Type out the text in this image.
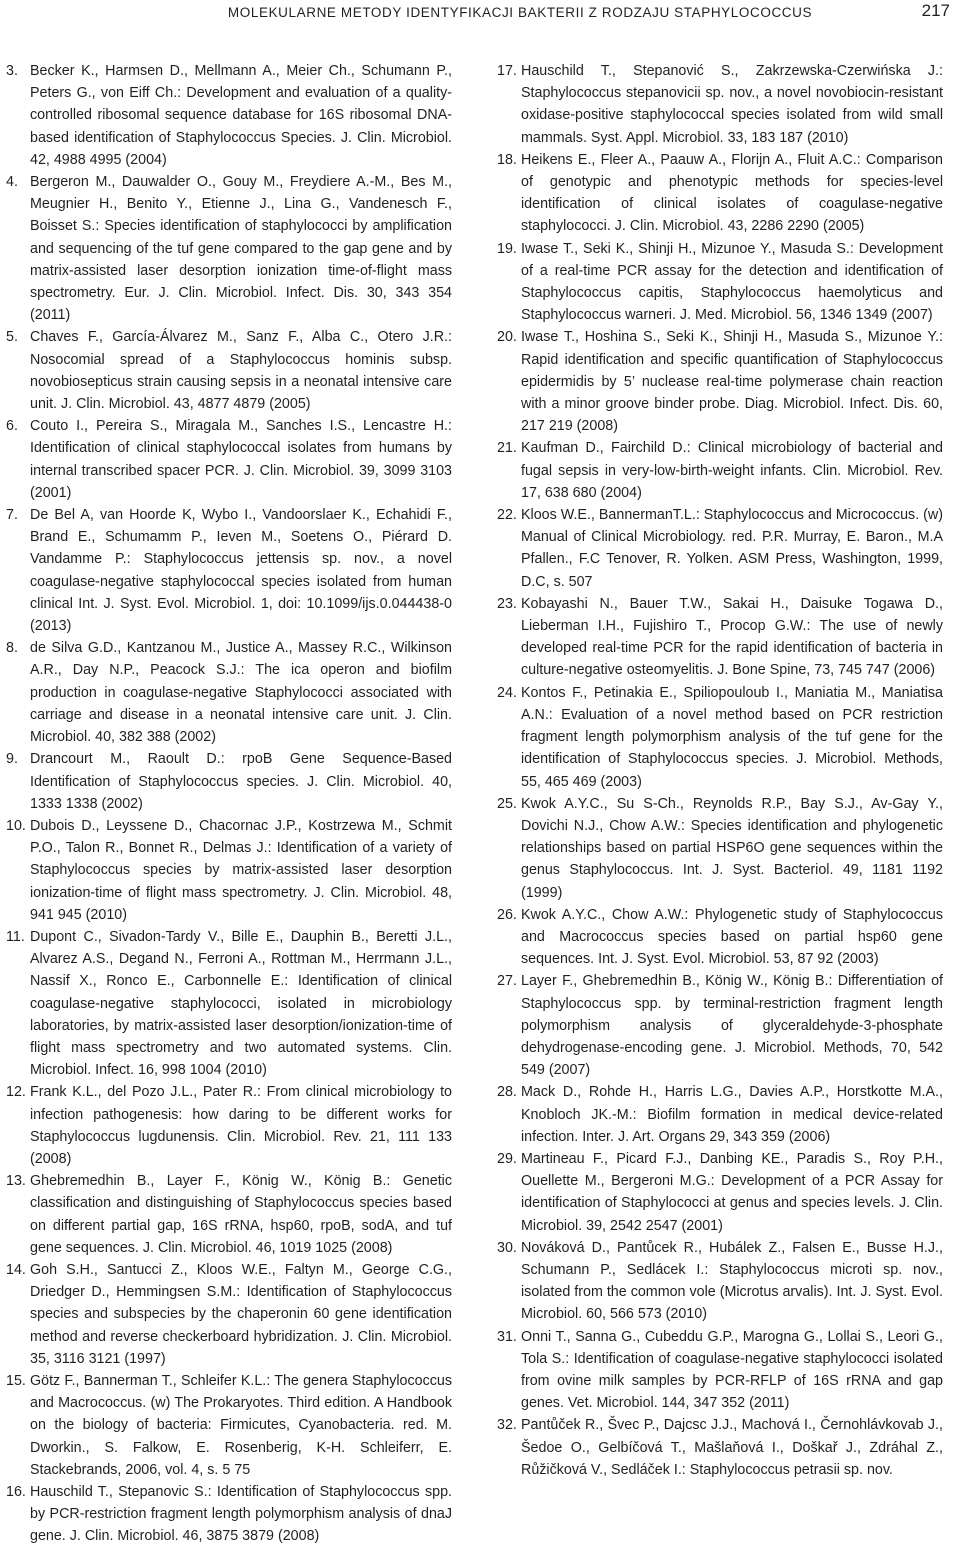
MOLEKULARNE METODY IDENTYFIKACJI BAKTERII Z RODZAJU STAPHYLOCOCCUS	217
3. Becker K., Harmsen D., Mellmann A., Meier Ch., Schumann P., Peters G., von Eiff Ch.: Development and evaluation of a quality-controlled ribosomal sequence database for 16S ribosomal DNA-based identification of Staphylococcus Species. J. Clin. Microbiol. 42, 4988 4995 (2004)
4. Bergeron M., Dauwalder O., Gouy M., Freydiere A.-M., Bes M., Meugnier H., Benito Y., Etienne J., Lina G., Vandenesch F., Boisset S.: Species identification of staphylococci by amplification and sequencing of the tuf gene compared to the gap gene and by matrix-assisted laser desorption ionization time-of-flight mass spectrometry. Eur. J. Clin. Microbiol. Infect. Dis. 30, 343 354 (2011)
5. Chaves F., García-Álvarez M., Sanz F., Alba C., Otero J.R.: Nosocomial spread of a Staphylococcus hominis subsp. novobiosepticus strain causing sepsis in a neonatal intensive care unit. J. Clin. Microbiol. 43, 4877 4879 (2005)
6. Couto I., Pereira S., Miragala M., Sanches I.S., Lencastre H.: Identification of clinical staphylococcal isolates from humans by internal transcribed spacer PCR. J. Clin. Microbiol. 39, 3099 3103 (2001)
7. De Bel A, van Hoorde K, Wybo I., Vandoorslaer K., Echahidi F., Brand E., Schumamm P., Ieven M., Soetens O., Piérard D. Vandamme P.: Staphylococcus jettensis sp. nov., a novel coagulase-negative staphylococcal species isolated from human clinical Int. J. Syst. Evol. Microbiol. 1, doi: 10.1099/ijs.0.044438-0 (2013)
8. de Silva G.D., Kantzanou M., Justice A., Massey R.C., Wilkinson A.R., Day N.P., Peacock S.J.: The ica operon and biofilm production in coagulase-negative Staphylococci associated with carriage and disease in a neonatal intensive care unit. J. Clin. Microbiol. 40, 382 388 (2002)
9. Drancourt M., Raoult D.: rpoB Gene Sequence-Based Identification of Staphylococcus species. J. Clin. Microbiol. 40, 1333 1338 (2002)
10. Dubois D., Leyssene D., Chacornac J.P., Kostrzewa M., Schmit P.O., Talon R., Bonnet R., Delmas J.: Identification of a variety of Staphylococcus species by matrix-assisted laser desorption ionization-time of flight mass spectrometry. J. Clin. Microbiol. 48, 941 945 (2010)
11. Dupont C., Sivadon-Tardy V., Bille E., Dauphin B., Beretti J.L., Alvarez A.S., Degand N., Ferroni A., Rottman M., Herrmann J.L., Nassif X., Ronco E., Carbonnelle E.: Identification of clinical coagulase-negative staphylococci, isolated in microbiology laboratories, by matrix-assisted laser desorption/ionization-time of flight mass spectrometry and two automated systems. Clin. Microbiol. Infect. 16, 998 1004 (2010)
12. Frank K.L., del Pozo J.L., Pater R.: From clinical microbiology to infection pathogenesis: how daring to be different works for Staphylococcus lugdunensis. Clin. Microbiol. Rev. 21, 111 133 (2008)
13. Ghebremedhin B., Layer F., König W., König B.: Genetic classification and distinguishing of Staphylococcus species based on different partial gap, 16S rRNA, hsp60, rpoB, sodA, and tuf gene sequences. J. Clin. Microbiol. 46, 1019 1025 (2008)
14. Goh S.H., Santucci Z., Kloos W.E., Faltyn M., George C.G., Driedger D., Hemmingsen S.M.: Identification of Staphylococcus species and subspecies by the chaperonin 60 gene identification method and reverse checkerboard hybridization. J. Clin. Microbiol. 35, 3116 3121 (1997)
15. Götz F., Bannerman T., Schleifer K.L.: The genera Staphylococcus and Macrococcus. (w) The Prokaryotes. Third edition. A Handbook on the biology of bacteria: Firmicutes, Cyanobacteria. red. M. Dworkin., S. Falkow, E. Rosenberig, K-H. Schleiferr, E. Stackebrands, 2006, vol. 4, s. 5 75
16. Hauschild T., Stepanovic S.: Identification of Staphylococcus spp. by PCR-restriction fragment length polymorphism analysis of dnaJ gene. J. Clin. Microbiol. 46, 3875 3879 (2008)
17. Hauschild T., Stepanović S., Zakrzewska-Czerwińska J.: Staphylococcus stepanovicii sp. nov., a novel novobiocin-resistant oxidase-positive staphylococcal species isolated from wild small mammals. Syst. Appl. Microbiol. 33, 183 187 (2010)
18. Heikens E., Fleer A., Paauw A., Florijn A., Fluit A.C.: Comparison of genotypic and phenotypic methods for species-level identification of clinical isolates of coagulase-negative staphylococci. J. Clin. Microbiol. 43, 2286 2290 (2005)
19. Iwase T., Seki K., Shinji H., Mizunoe Y., Masuda S.: Development of a real-time PCR assay for the detection and identification of Staphylococcus capitis, Staphylococcus haemolyticus and Staphylococcus warneri. J. Med. Microbiol. 56, 1346 1349 (2007)
20. Iwase T., Hoshina S., Seki K., Shinji H., Masuda S., Mizunoe Y.: Rapid identification and specific quantification of Staphylococcus epidermidis by 5’ nuclease real-time polymerase chain reaction with a minor groove binder probe. Diag. Microbiol. Infect. Dis. 60, 217 219 (2008)
21. Kaufman D., Fairchild D.: Clinical microbiology of bacterial and fugal sepsis in very-low-birth-weight infants. Clin. Microbiol. Rev. 17, 638 680 (2004)
22. Kloos W.E., BannermanT.L.: Staphylococcus and Micrococcus. (w) Manual of Clinical Microbiology. red. P.R. Murray, E. Baron., M.A Pfallen., F.C Tenover, R. Yolken. ASM Press, Washington, 1999, D.C, s. 507
23. Kobayashi N., Bauer T.W., Sakai H., Daisuke Togawa D., Lieberman I.H., Fujishiro T., Procop G.W.: The use of newly developed real-time PCR for the rapid identification of bacteria in culture-negative osteomyelitis. J. Bone Spine, 73, 745 747 (2006)
24. Kontos F., Petinakia E., Spiliopouloub I., Maniatia M., Maniatisa A.N.: Evaluation of a novel method based on PCR restriction fragment length polymorphism analysis of the tuf gene for the identification of Staphylococcus species. J. Microbiol. Methods, 55, 465 469 (2003)
25. Kwok A.Y.C., Su S-Ch., Reynolds R.P., Bay S.J., Av-Gay Y., Dovichi N.J., Chow A.W.: Species identification and phylogenetic relationships based on partial HSP6O gene sequences within the genus Staphylococcus. Int. J. Syst. Bacteriol. 49, 1181 1192 (1999)
26. Kwok A.Y.C., Chow A.W.: Phylogenetic study of Staphylococcus and Macrococcus species based on partial hsp60 gene sequences. Int. J. Syst. Evol. Microbiol. 53, 87 92 (2003)
27. Layer F., Ghebremedhin B., König W., König B.: Differentiation of Staphylococcus spp. by terminal-restriction fragment length polymorphism analysis of glyceraldehyde-3-phosphate dehydrogenase-encoding gene. J. Microbiol. Methods, 70, 542 549 (2007)
28. Mack D., Rohde H., Harris L.G., Davies A.P., Horstkotte M.A., Knobloch JK.-M.: Biofilm formation in medical device-related infection. Inter. J. Art. Organs 29, 343 359 (2006)
29. Martineau F., Picard F.J., Danbing KE., Paradis S., Roy P.H., Ouellette M., Bergeroni M.G.: Development of a PCR Assay for identification of Staphylococci at genus and species levels. J. Clin. Microbiol. 39, 2542 2547 (2001)
30. Nováková D., Pantůcek R., Hubálek Z., Falsen E., Busse H.J., Schumann P., Sedlácek I.: Staphylococcus microti sp. nov., isolated from the common vole (Microtus arvalis). Int. J. Syst. Evol. Microbiol. 60, 566 573 (2010)
31. Onni T., Sanna G., Cubeddu G.P., Marogna G., Lollai S., Leori G., Tola S.: Identification of coagulase-negative staphylococci isolated from ovine milk samples by PCR-RFLP of 16S rRNA and gap genes. Vet. Microbiol. 144, 347 352 (2011)
32. Pantůček R., Švec P., Dajcsc J.J., Machová I., Černohlávkovab J., Šedoe O., Gelbíčová T., Mašlaňová I., Doškař J., Zdráhal Z., Růžičková V., Sedláček I.: Staphylococcus petrasii sp. nov.
